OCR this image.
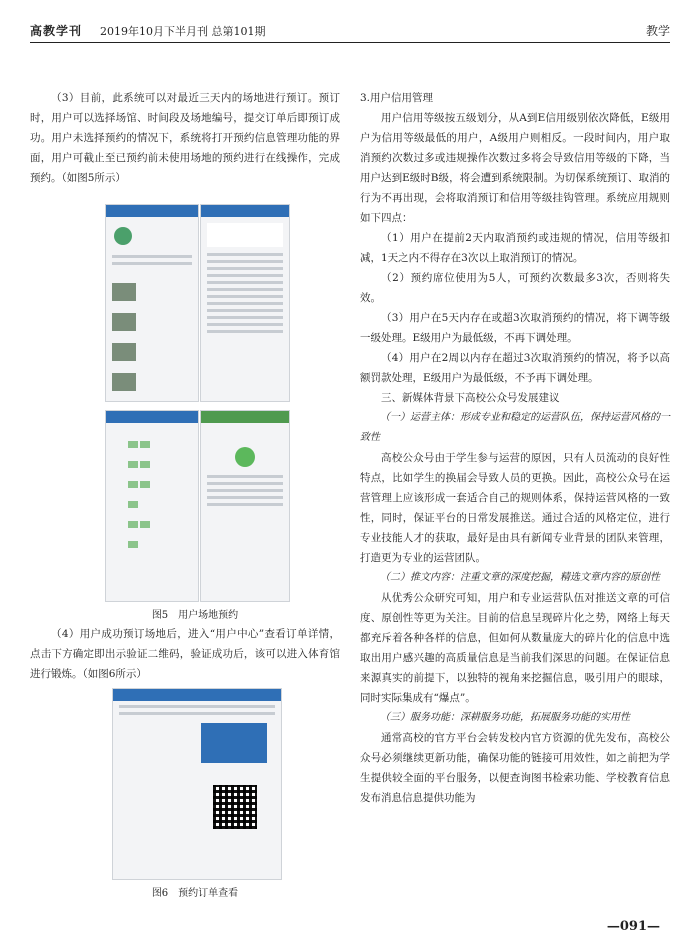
高教学刊 2019年10月下半月刊 总第101期	教学

（3）目前，此系统可以对最近三天内的场地进行预订。预订时，用户可以选择场馆、时间段及场地编号，提交订单后即预订成功。用户未选择预约的情况下，系统将打开预约信息管理功能的界面，用户可截止至已预约前未使用场地的预约进行在线操作，完成预约。（如图5所示）

图5　用户场地预约

（4）用户成功预订场地后，进入“用户中心”查看订单详情，点击下方确定即出示验证二维码，验证成功后，该可以进入体育馆进行锻炼。（如图6所示）

图6　预约订单查看

3.用户信用管理

用户信用等级按五级划分，从A到E信用级别依次降低，E级用户为信用等级最低的用户，A级用户则相反。一段时间内，用户取消预约次数过多或违规操作次数过多将会导致信用等级的下降，当用户达到E级时B级，将会遭到系统限制。为切保系统预订、取消的行为不再出现，会将取消预订和信用等级挂钩管理。系统应用规则如下四点：

（1）用户在提前2天内取消预约或违规的情况，信用等级扣减，1天之内不得存在3次以上取消预订的情况。

（2）预约席位使用为5人，可预约次数最多3次，否则将失效。

（3）用户在5天内存在或超3次取消预约的情况，将下调等级一级处理。E级用户为最低级，不再下调处理。

（4）用户在2周以内存在超过3次取消预约的情况，将予以高额罚款处理，E级用户为最低级，不予再下调处理。

三、新媒体背景下高校公众号发展建议

（一）运营主体：形成专业和稳定的运营队伍，保持运营风格的一致性

高校公众号由于学生参与运营的原因，只有人员流动的良好性特点，比如学生的换届会导致人员的更换。因此，高校公众号在运营管理上应该形成一套适合自己的规则体系，保持运营风格的一致性，同时，保证平台的日常发展推送。通过合适的风格定位，进行专业技能人才的获取，最好是由具有新闻专业背景的团队来管理，打造更为专业的运营团队。

（二）推文内容：注重文章的深度挖掘，精选文章内容的原创性

从优秀公众研究可知，用户和专业运营队伍对推送文章的可信度、原创性等更为关注。目前的信息呈现碎片化之势，网络上每天都充斥着各种各样的信息，但如何从数量庞大的碎片化的信息中选取出用户感兴趣的高质量信息是当前我们深思的问题。在保证信息来源真实的前提下，以独特的视角来挖掘信息，吸引用户的眼球，同时实际集成有“爆点”。

（三）服务功能：深耕服务功能，拓展服务功能的实用性

通常高校的官方平台会转发校内官方资源的优先发布，高校公众号必须继续更新功能，确保功能的链接可用效性，如之前把为学生提供较全面的平台服务，以便查询图书检索功能、学校教育信息发布消息信息提供功能为

—091—
